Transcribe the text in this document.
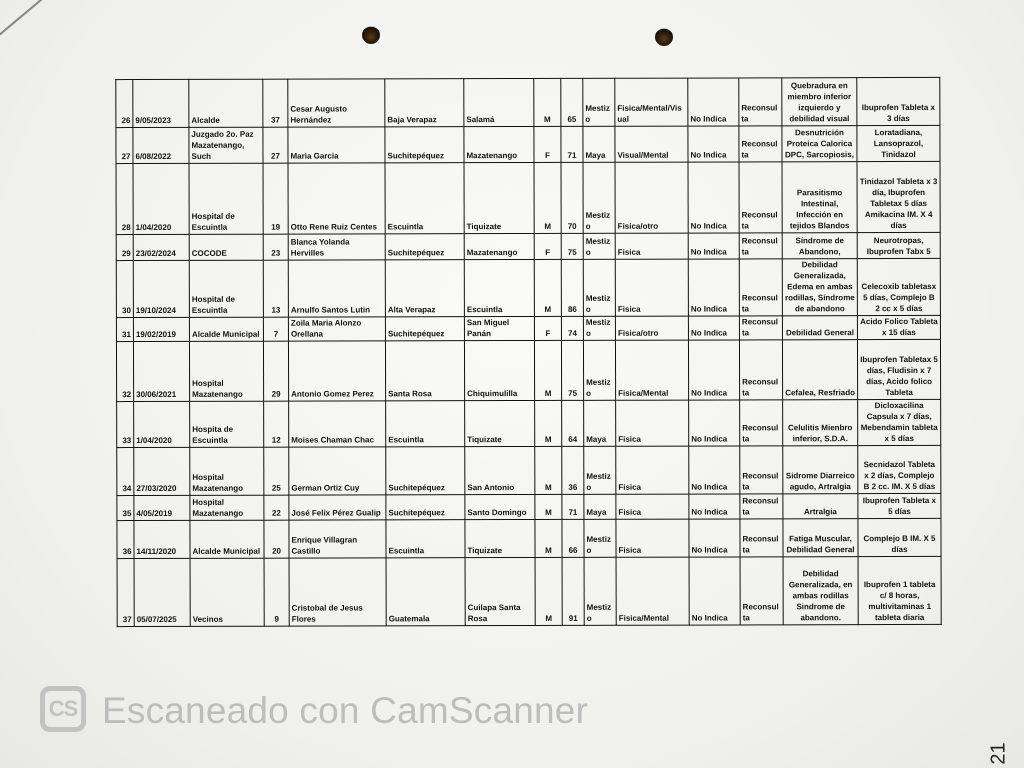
26	9/05/2023	Alcalde	37	Cesar Augusto Hernández	Baja Verapaz	Salamá	M	65	Mestizo	Fisica/Mental/Visual	No Indica	Reconsulta	Quebradura en miembro inferior izquierdo y debilidad visual	Ibuprofen Tableta x 3 días
27	6/08/2022	Juzgado 2o. Paz Mazatenango, Such	27	Maria Garcia	Suchitepéquez	Mazatenango	F	71	Maya	Visual/Mental	No Indica	Reconsulta	Desnutrición Proteica Calorica DPC, Sarcopiosis,	Loratadiana, Lansoprazol, Tinidazol
28	1/04/2020	Hospital de Escuintla	19	Otto Rene Ruiz Centes	Escuintla	Tiquizate	M	70	Mestizo	Fisica/otro	No Indica	Reconsulta	Parasitismo Intestinal, Infección en tejidos Blandos	Tinidazol Tableta x 3 día, Ibuprofen Tabletax 5 días Amikacina IM. X 4 días
29	23/02/2024	COCODE	23	Blanca Yolanda Hervilles	Suchitepéquez	Mazatenango	F	75	Mestizo	Fisica	No Indica	Reconsulta	Síndrome de Abandono,	Neurotropas, Ibuprofen Tabx 5
30	19/10/2024	Hospital de Escuintla	13	Arnulfo Santos Lutin	Alta Verapaz	Escuintla	M	86	Mestizo	Fisica	No Indica	Reconsulta	Debilidad Generalizada, Edema en ambas rodillas, Síndrome de abandono	Celecoxib tabletasx 5 días, Complejo B 2 cc x 5 días
31	19/02/2019	Alcalde Municipal	7	Zoila Maria Alonzo Orellana	Suchitepéquez	San Miguel Panán	F	74	Mestizo	Fisica/otro	No Indica	Reconsulta	Debilidad General	Acido Folico Tableta x 15 días
32	30/06/2021	Hospital Mazatenango	29	Antonio Gomez Perez	Santa Rosa	Chiquimulilla	M	75	Mestizo	Fisica/Mental	No Indica	Reconsulta	Cefalea, Resfriado	Ibuprofen Tabletax 5 días, Fludisin x 7 días, Acido folico Tableta
33	1/04/2020	Hospita de Escuintla	12	Moises Chaman Chac	Escuintla	Tiquizate	M	64	Maya	Fisica	No Indica	Reconsulta	Celulitis Mienbro inferior, S.D.A.	Dicloxacilina Capsula x 7 días, Mebendamin tableta x 5 días
34	27/03/2020	Hospital Mazatenango	25	German Ortiz Cuy	Suchitepéquez	San Antonio	M	36	Mestizo	Fisica	No Indica	Reconsulta	Sidrome Diarreico agudo, Artralgia	Secnidazol Tableta x 2 días, Complejo B 2 cc. IM. X 5 días
35	4/05/2019	Hospital Mazatenango	22	José Felix Pérez Gualip	Suchitepéquez	Santo Domingo	M	71	Maya	Fisica	No Indica	Reconsulta	Artralgia	Ibuprofen Tableta x 5 días
36	14/11/2020	Alcalde Municipal	20	Enrique Villagran Castillo	Escuintla	Tiquizate	M	66	Mestizo	Fisica	No Indica	Reconsulta	Fatiga Muscular, Debilidad General	Complejo B IM. X 5 días
37	05/07/2025	Vecinos	9	Cristobal de Jesus Flores	Guatemala	Cuilapa Santa Rosa	M	91	Mestizo	Fisica/Mental	No Indica	Reconsulta	Debilidad Generalizada, en ambas rodillas Sindrome de abandono.	Ibuprofen 1 tableta c/ 8 horas, multivitaminas 1 tableta diaria
CS Escaneado con CamScanner
21
